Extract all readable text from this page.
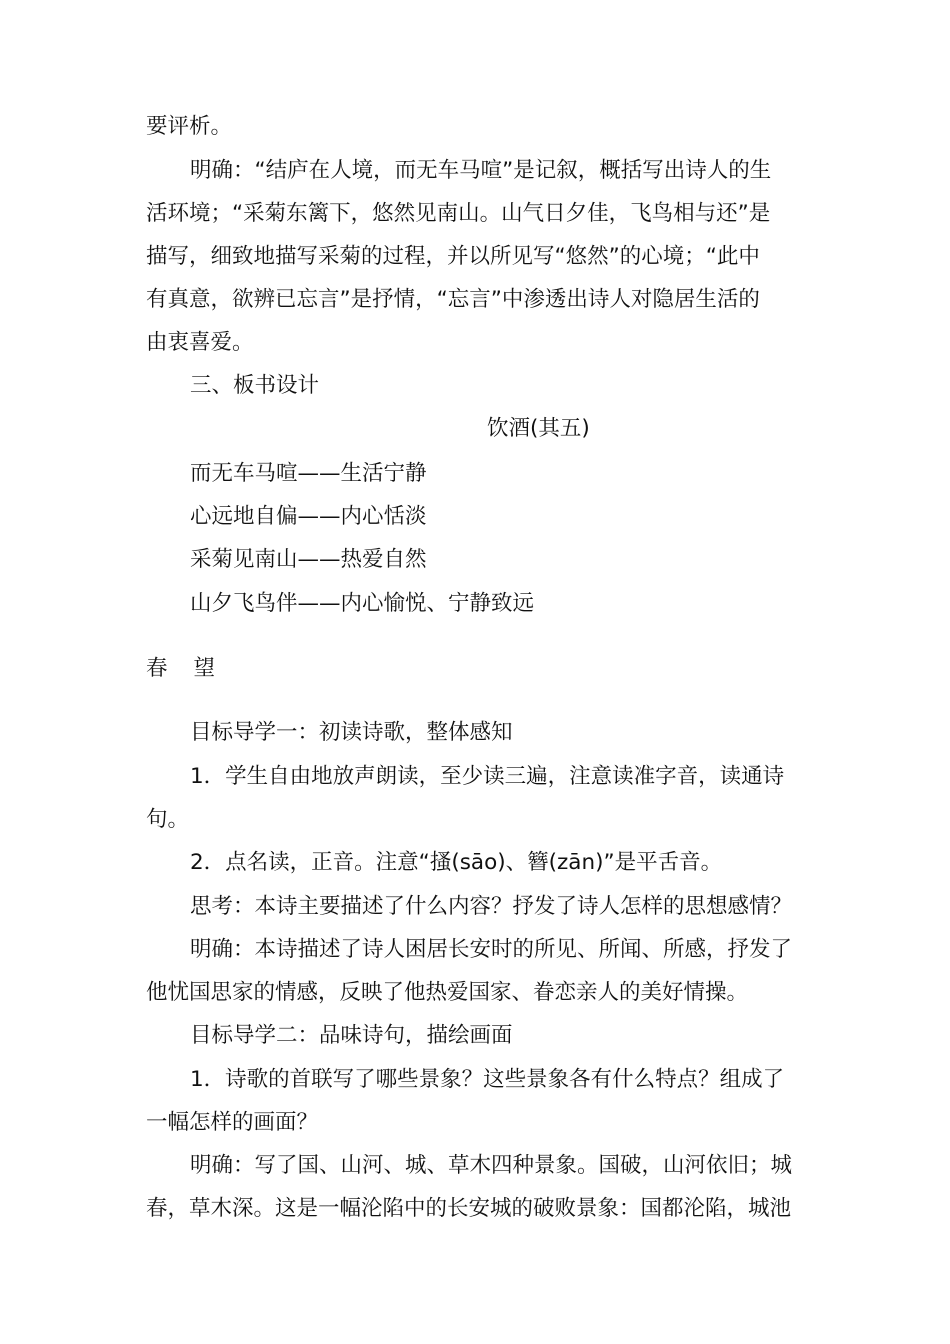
要评析。

明确：“结庐在人境，而无车马喧”是记叙，概括写出诗人的生

活环境；“采菊东篱下，悠然见南山。山气日夕佳，飞鸟相与还”是

描写，细致地描写采菊的过程，并以所见写“悠然”的心境；“此中

有真意，欲辨已忘言”是抒情，“忘言”中渗透出诗人对隐居生活的

由衷喜爱。

三、板书设计

饮酒(其五)

而无车马喧——生活宁静

心远地自偏——内心恬淡

采菊见南山——热爱自然

山夕飞鸟伴——内心愉悦、宁静致远

春望

目标导学一：初读诗歌，整体感知

1．学生自由地放声朗读，至少读三遍，注意读准字音，读通诗

句。

2．点名读，正音。注意“搔(sāo)、簪(zān)”是平舌音。

思考：本诗主要描述了什么内容？抒发了诗人怎样的思想感情？

明确：本诗描述了诗人困居长安时的所见、所闻、所感，抒发了

他忧国思家的情感，反映了他热爱国家、眷恋亲人的美好情操。

目标导学二：品味诗句，描绘画面

1．诗歌的首联写了哪些景象？这些景象各有什么特点？组成了

一幅怎样的画面？

明确：写了国、山河、城、草木四种景象。国破，山河依旧；城

春，草木深。这是一幅沦陷中的长安城的破败景象：国都沦陷，城池
